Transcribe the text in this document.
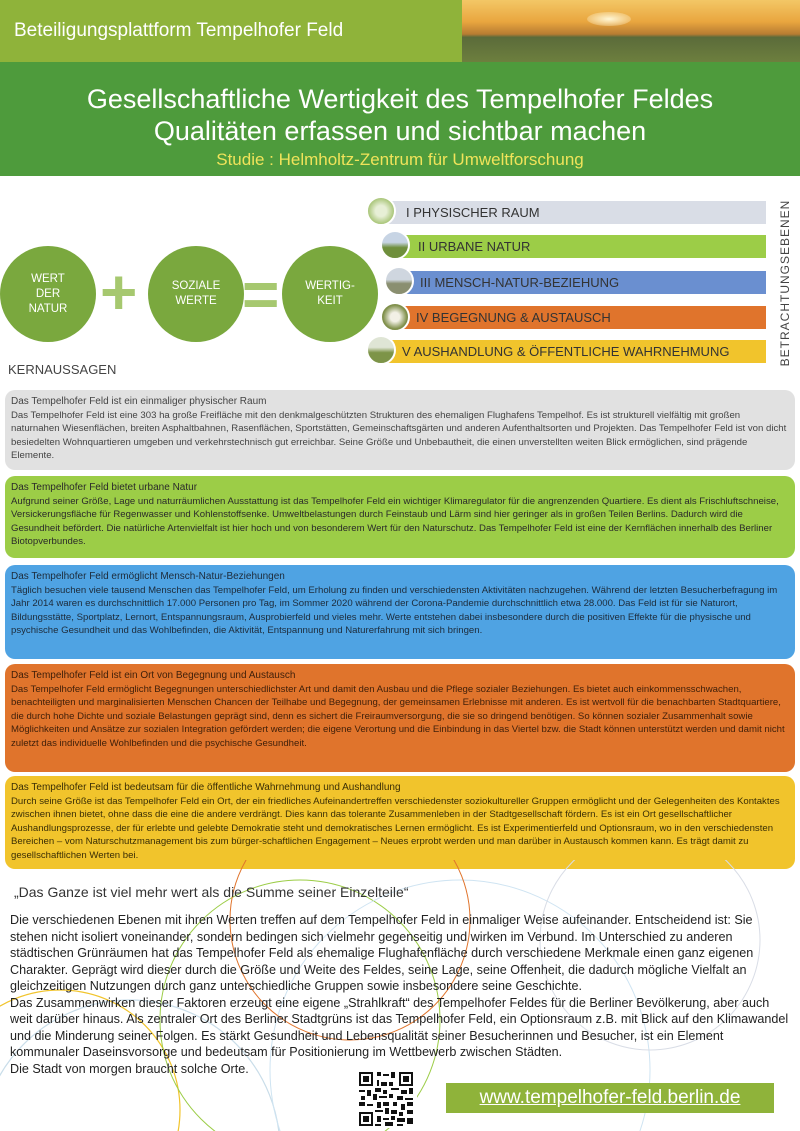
Beteiligungsplattform Tempelhofer Feld
Gesellschaftliche Wertigkeit des Tempelhofer Feldes
Qualitäten erfassen und sichtbar machen
Studie : Helmholtz-Zentrum für Umweltforschung
WERT
DER
NATUR +	SOZIALE
WERTE = WERTIG-
KEIT
I PHYSISCHER RAUM
II URBANE NATUR
III MENSCH-NATUR-BEZIEHUNG
IV BEGEGNUNG & AUSTAUSCH
V AUSHANDLUNG & ÖFFENTLICHE WAHRNEHMUNG	BETRACHTUNGSEBENEN
KERNAUSSAGEN
Das Tempelhofer Feld ist ein einmaliger physischer Raum
Das Tempelhofer Feld ist eine 303 ha große Freifläche mit den denkmalgeschützten Strukturen des ehemaligen Flughafens Tempelhof. Es ist strukturell vielfältig mit großen naturnahen Wiesenflächen, breiten Asphaltbahnen, Rasenflächen, Sportstätten, Gemeinschaftsgärten und anderen Aufenthaltsorten und Projekten. Das Tempelhofer Feld ist von dicht besiedelten Wohnquartieren umgeben und verkehrstechnisch gut erreichbar. Seine Größe und Unbebautheit, die einen unverstellten weiten Blick ermöglichen, sind prägende Elemente.
Das Tempelhofer Feld bietet urbane Natur
Aufgrund seiner Größe, Lage und naturräumlichen Ausstattung ist das Tempelhofer Feld ein wichtiger Klimaregulator für die angrenzenden Quartiere. Es dient als Frischluftschneise, Versickerungsfläche für Regenwasser und Kohlenstoffsenke. Umweltbelastungen durch Feinstaub und Lärm sind hier geringer als in großen Teilen Berlins. Dadurch wird die Gesundheit befördert. Die natürliche Artenvielfalt ist hier hoch und von besonderem Wert für den Naturschutz. Das Tempelhofer Feld ist eine der Kernflächen innerhalb des Berliner Biotopverbundes.
Das Tempelhofer Feld ermöglicht Mensch-Natur-Beziehungen
Täglich besuchen viele tausend Menschen das Tempelhofer Feld, um Erholung zu finden und verschiedensten Aktivitäten nachzugehen. Während der letzten Besucherbefragung im Jahr 2014 waren es durchschnittlich 17.000 Personen pro Tag, im Sommer 2020 während der Corona-Pandemie durchschnittlich etwa 28.000. Das Feld ist für sie Naturort, Bildungsstätte, Sportplatz, Lernort, Entspannungsraum, Ausprobierfeld und vieles mehr. Werte entstehen dabei insbesondere durch die positiven Effekte für die physische und psychische Gesundheit und das Wohlbefinden, die Aktivität, Entspannung und Naturerfahrung mit sich bringen.
Das Tempelhofer Feld ist ein Ort von Begegnung und Austausch
Das Tempelhofer Feld ermöglicht Begegnungen unterschiedlichster Art und damit den Ausbau und die Pflege sozialer Beziehungen. Es bietet auch einkommensschwachen, benachteiligten und marginalisierten Menschen Chancen der Teilhabe und Begegnung, der gemeinsamen Erlebnisse mit anderen. Es ist wertvoll für die benachbarten Stadtquartiere, die durch hohe Dichte und soziale Belastungen geprägt sind, denn es sichert die Freiraumversorgung, die sie so dringend benötigen. So können sozialer Zusammenhalt sowie Möglichkeiten und Ansätze zur sozialen Integration gefördert werden; die eigene Verortung und die Einbindung in das Viertel bzw. die Stadt können unterstützt werden und damit nicht zuletzt das individuelle Wohlbefinden und die psychische Gesundheit.
Das Tempelhofer Feld ist bedeutsam für die öffentliche Wahrnehmung und Aushandlung
Durch seine Größe ist das Tempelhofer Feld ein Ort, der ein friedliches Aufeinandertreffen verschiedenster soziokultureller Gruppen ermöglicht und der Gelegenheiten des Kontaktes zwischen ihnen bietet, ohne dass die eine die andere verdrängt. Dies kann das tolerante Zusammenleben in der Stadtgesellschaft fördern. Es ist ein Ort gesellschaftlicher Aushandlungsprozesse, der für erlebte und gelebte Demokratie steht und demokratisches Lernen ermöglicht. Es ist Experimentierfeld und Optionsraum, wo in den verschiedensten Bereichen – vom Naturschutzmanagement bis zum bürger-schaftlichen Engagement – Neues erprobt werden und man darüber in Austausch kommen kann. Es trägt damit zu gesellschaftlichen Werten bei.
„Das Ganze ist viel mehr wert als die Summe seiner Einzelteile“

Die verschiedenen Ebenen mit ihren Werten treffen auf dem Tempelhofer Feld in einmaliger Weise aufeinander. Entscheidend ist: Sie stehen nicht isoliert voneinander, sondern bedingen sich vielmehr gegenseitig und wirken im Verbund. Im Unterschied zu anderen städtischen Grünräumen hat das Tempelhofer Feld als ehemalige Flughafenfläche durch verschiedene Merkmale einen ganz eigenen Charakter. Geprägt wird dieser durch die Größe und Weite des Feldes, seine Lage, seine Offenheit, die dadurch mögliche Vielfalt an gleichzeitigen Nutzungen durch ganz unterschiedliche Gruppen sowie insbesondere seine Geschichte.

Das Zusammenwirken dieser Faktoren erzeugt eine eigene „Strahlkraft“ des Tempelhofer Feldes für die Berliner Bevölkerung, aber auch weit darüber hinaus. Als zentraler Ort des Berliner Stadtgrüns ist das Tempelhofer Feld, ein Optionsraum z.B. mit Blick auf den Klimawandel und die Minderung seiner Folgen. Es stärkt Gesundheit und Lebensqualität seiner Besucherinnen und Besucher, ist ein Element kommunaler Daseinsvorsorge und bedeutsam für Positionierung im Wettbewerb zwischen Städten.

Die Stadt von morgen braucht solche Orte.

www.tempelhofer-feld.berlin.de
